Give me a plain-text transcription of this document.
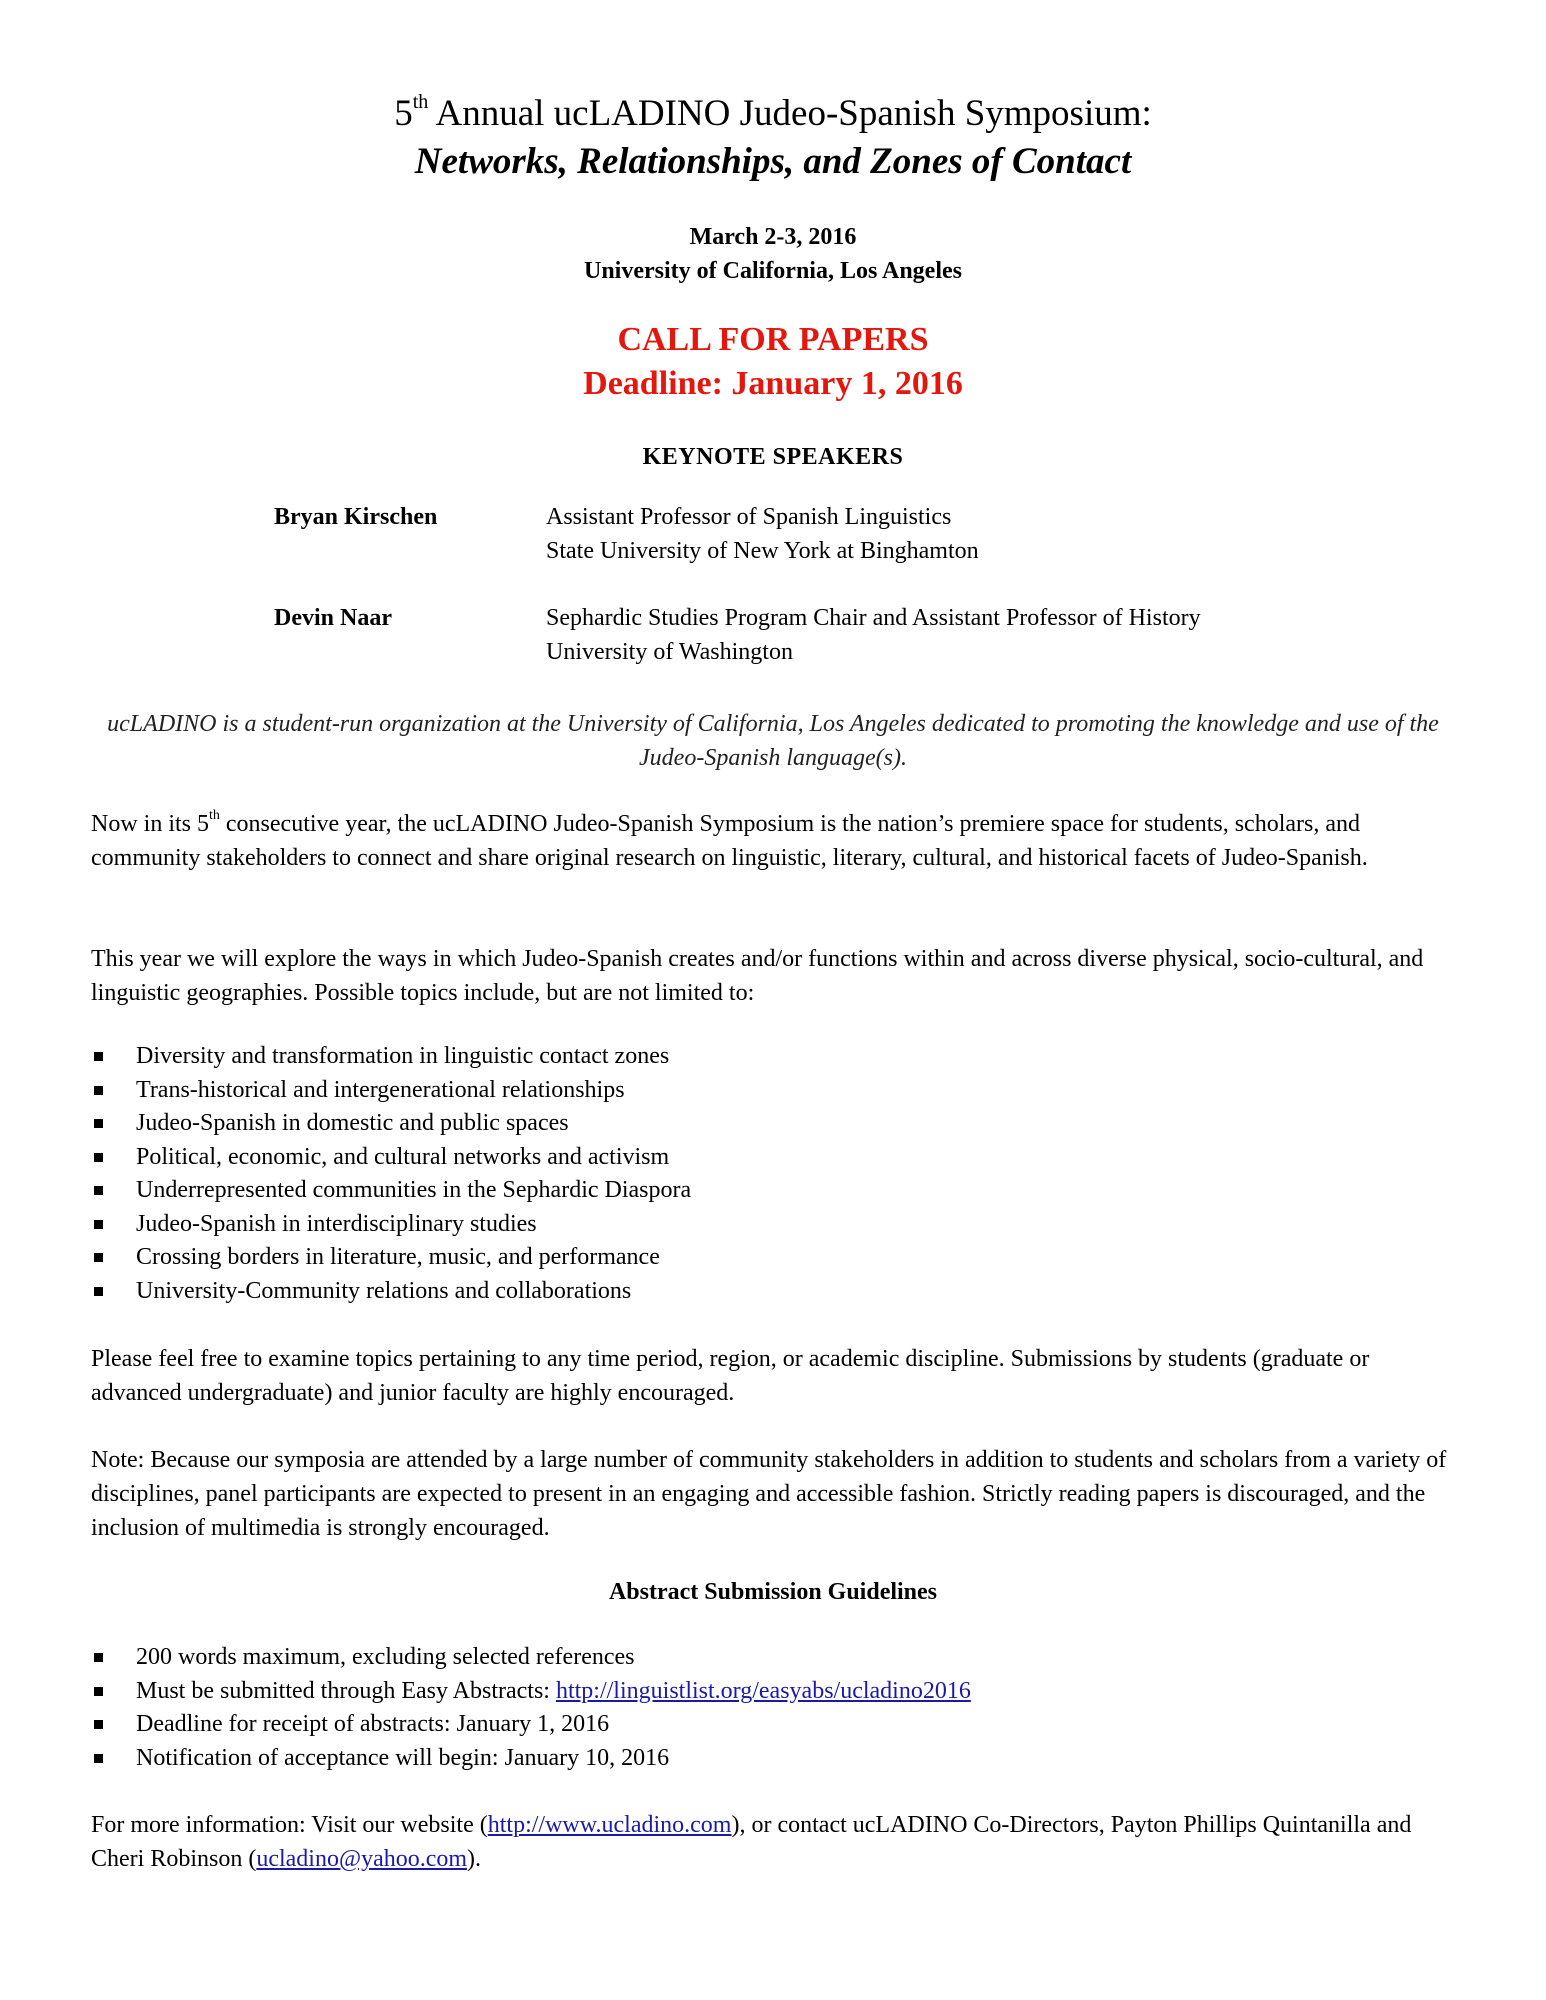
5th Annual ucLADINO Judeo-Spanish Symposium:
Networks, Relationships, and Zones of Contact
March 2-3, 2016
University of California, Los Angeles
CALL FOR PAPERS
Deadline: January 1, 2016
KEYNOTE SPEAKERS
Bryan Kirschen	Assistant Professor of Spanish Linguistics
State University of New York at Binghamton
Devin Naar	Sephardic Studies Program Chair and Assistant Professor of History
University of Washington
ucLADINO is a student-run organization at the University of California, Los Angeles dedicated to promoting the knowledge and use of the Judeo-Spanish language(s).
Now in its 5th consecutive year, the ucLADINO Judeo-Spanish Symposium is the nation’s premiere space for students, scholars, and community stakeholders to connect and share original research on linguistic, literary, cultural, and historical facets of Judeo-Spanish.
This year we will explore the ways in which Judeo-Spanish creates and/or functions within and across diverse physical, socio-cultural, and linguistic geographies. Possible topics include, but are not limited to:
Diversity and transformation in linguistic contact zones
Trans-historical and intergenerational relationships
Judeo-Spanish in domestic and public spaces
Political, economic, and cultural networks and activism
Underrepresented communities in the Sephardic Diaspora
Judeo-Spanish in interdisciplinary studies
Crossing borders in literature, music, and performance
University-Community relations and collaborations
Please feel free to examine topics pertaining to any time period, region, or academic discipline. Submissions by students (graduate or advanced undergraduate) and junior faculty are highly encouraged.
Note: Because our symposia are attended by a large number of community stakeholders in addition to students and scholars from a variety of disciplines, panel participants are expected to present in an engaging and accessible fashion. Strictly reading papers is discouraged, and the inclusion of multimedia is strongly encouraged.
Abstract Submission Guidelines
200 words maximum, excluding selected references
Must be submitted through Easy Abstracts: http://linguistlist.org/easyabs/ucladino2016
Deadline for receipt of abstracts: January 1, 2016
Notification of acceptance will begin: January 10, 2016
For more information: Visit our website (http://www.ucladino.com), or contact ucLADINO Co-Directors, Payton Phillips Quintanilla and Cheri Robinson (ucladino@yahoo.com).
